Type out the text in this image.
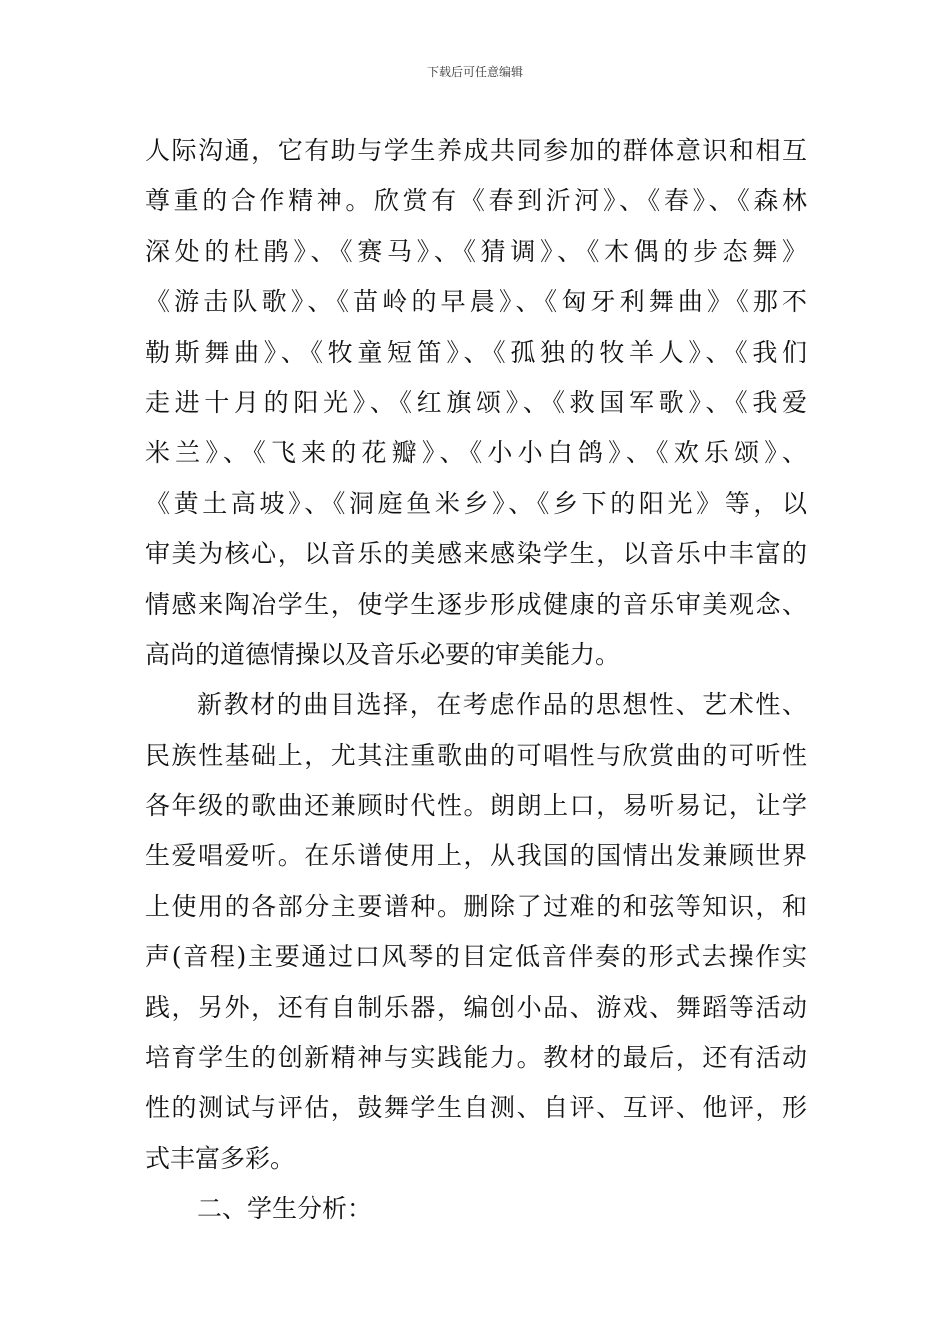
下载后可任意编辑
人际沟通，它有助与学生养成共同参加的群体意识和相互
尊重的合作精神。欣赏有《春到沂河》、《春》、《森林
深处的杜鹃》、《赛马》、《猜调》、《木偶的步态舞》
《游击队歌》、《苗岭的早晨》、《匈牙利舞曲》《那不
勒斯舞曲》、《牧童短笛》、《孤独的牧羊人》、《我们
走进十月的阳光》、《红旗颂》、《救国军歌》、《我爱
米兰》、《飞来的花瓣》、《小小白鸽》、《欢乐颂》、
《黄土高坡》、《洞庭鱼米乡》、《乡下的阳光》等，以
审美为核心，以音乐的美感来感染学生，以音乐中丰富的
情感来陶冶学生，使学生逐步形成健康的音乐审美观念、
高尚的道德情操以及音乐必要的审美能力。
新教材的曲目选择，在考虑作品的思想性、艺术性、
民族性基础上，尤其注重歌曲的可唱性与欣赏曲的可听性
各年级的歌曲还兼顾时代性。朗朗上口，易听易记，让学
生爱唱爱听。在乐谱使用上，从我国的国情出发兼顾世界
上使用的各部分主要谱种。删除了过难的和弦等知识，和
声(音程)主要通过口风琴的目定低音伴奏的形式去操作实
践，另外，还有自制乐器，编创小品、游戏、舞蹈等活动
培育学生的创新精神与实践能力。教材的最后，还有活动
性的测试与评估，鼓舞学生自测、自评、互评、他评，形
式丰富多彩。
二、学生分析：
